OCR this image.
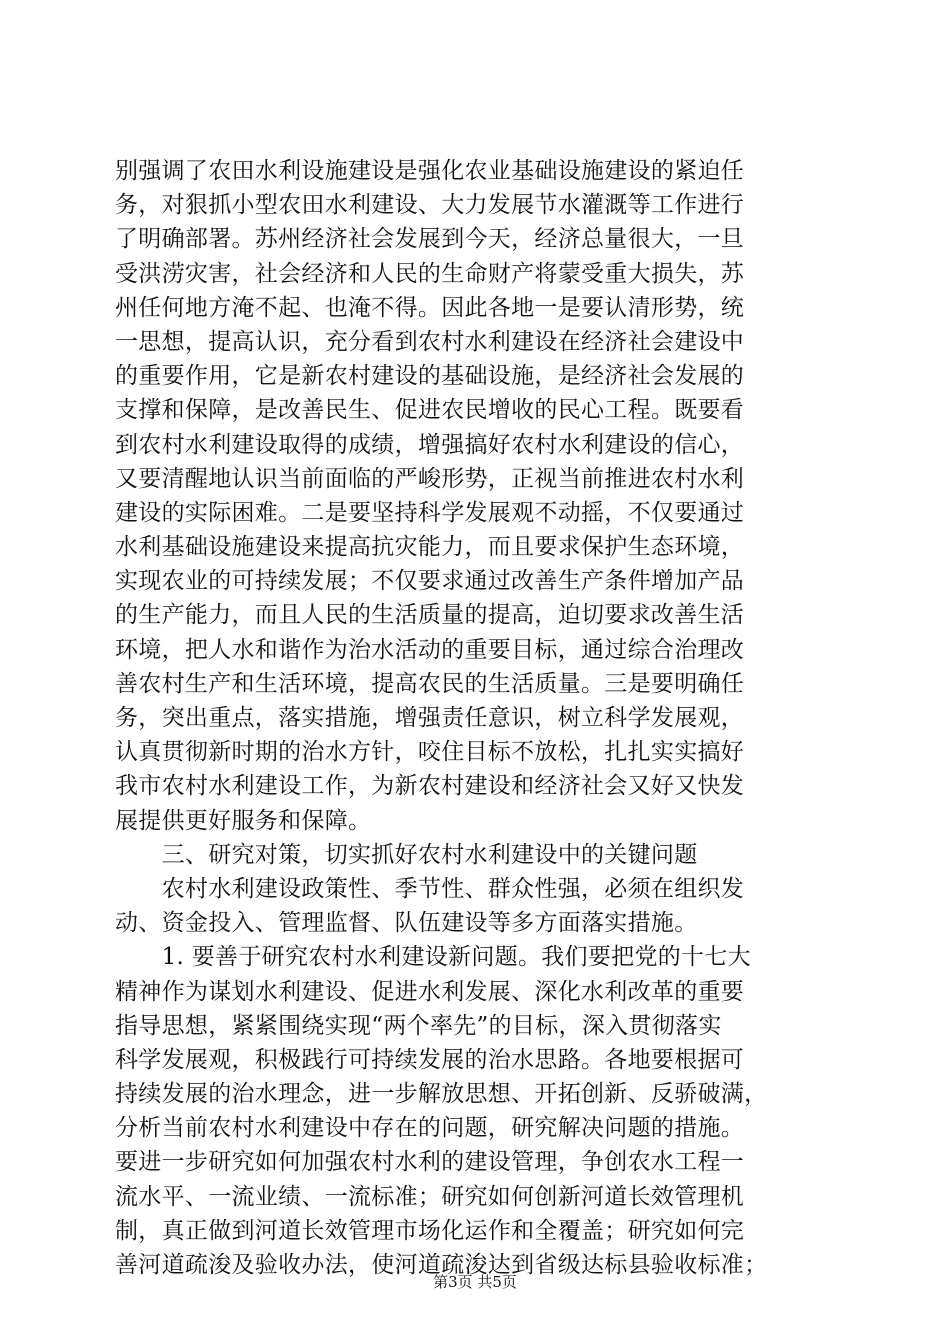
别强调了农田水利设施建设是强化农业基础设施建设的紧迫任
务，对狠抓小型农田水利建设、大力发展节水灌溉等工作进行
了明确部署。苏州经济社会发展到今天，经济总量很大，一旦
受洪涝灾害，社会经济和人民的生命财产将蒙受重大损失，苏
州任何地方淹不起、也淹不得。因此各地一是要认清形势，统
一思想，提高认识，充分看到农村水利建设在经济社会建设中
的重要作用，它是新农村建设的基础设施，是经济社会发展的
支撑和保障，是改善民生、促进农民增收的民心工程。既要看
到农村水利建设取得的成绩，增强搞好农村水利建设的信心，
又要清醒地认识当前面临的严峻形势，正视当前推进农村水利
建设的实际困难。二是要坚持科学发展观不动摇，不仅要通过
水利基础设施建设来提高抗灾能力，而且要求保护生态环境，
实现农业的可持续发展；不仅要求通过改善生产条件增加产品
的生产能力，而且人民的生活质量的提高，迫切要求改善生活
环境，把人水和谐作为治水活动的重要目标，通过综合治理改
善农村生产和生活环境，提高农民的生活质量。三是要明确任
务，突出重点，落实措施，增强责任意识，树立科学发展观，
认真贯彻新时期的治水方针，咬住目标不放松，扎扎实实搞好
我市农村水利建设工作，为新农村建设和经济社会又好又快发
展提供更好服务和保障。
　　三、研究对策，切实抓好农村水利建设中的关键问题
　　农村水利建设政策性、季节性、群众性强，必须在组织发
动、资金投入、管理监督、队伍建设等多方面落实措施。
　　1. 要善于研究农村水利建设新问题。我们要把党的十七大
精神作为谋划水利建设、促进水利发展、深化水利改革的重要
指导思想，紧紧围绕实现“两个率先”的目标，深入贯彻落实
科学发展观，积极践行可持续发展的治水思路。各地要根据可
持续发展的治水理念，进一步解放思想、开拓创新、反骄破满，
分析当前农村水利建设中存在的问题，研究解决问题的措施。
要进一步研究如何加强农村水利的建设管理，争创农水工程一
流水平、一流业绩、一流标准；研究如何创新河道长效管理机
制，真正做到河道长效管理市场化运作和全覆盖；研究如何完
善河道疏浚及验收办法，使河道疏浚达到省级达标县验收标准；
第3页 共5页
